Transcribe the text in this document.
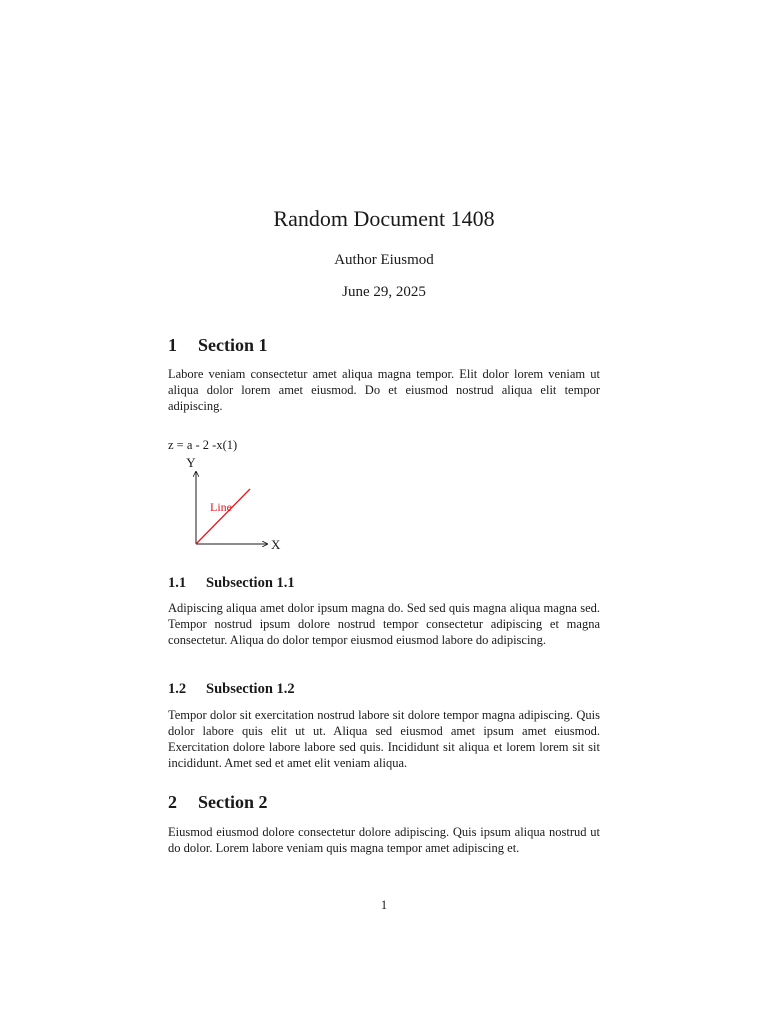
Random Document 1408
Author Eiusmod
June 29, 2025
1 Section 1

Labore veniam consectetur amet aliqua magna tempor. Elit dolor lorem veniam ut aliqua dolor lorem amet eiusmod. Do et eiusmod nostrud aliqua elit tempor adipiscing.

z = a - 2 -x(1)
Y
X
Line
1.1 Subsection 1.1

Adipiscing aliqua amet dolor ipsum magna do. Sed sed quis magna aliqua magna sed. Tempor nostrud ipsum dolore nostrud tempor consectetur adipiscing et magna consectetur. Aliqua do dolor tempor eiusmod eiusmod labore do adipiscing.

1.2 Subsection 1.2

Tempor dolor sit exercitation nostrud labore sit dolore tempor magna adipiscing. Quis dolor labore quis elit ut ut. Aliqua sed eiusmod amet ipsum amet eiusmod. Exercitation dolore labore labore sed quis. Incididunt sit aliqua et lorem lorem sit sit incididunt. Amet sed et amet elit veniam aliqua.

2 Section 2

Eiusmod eiusmod dolore consectetur dolore adipiscing. Quis ipsum aliqua nostrud ut do dolor. Lorem labore veniam quis magna tempor amet adipiscing et.

1
